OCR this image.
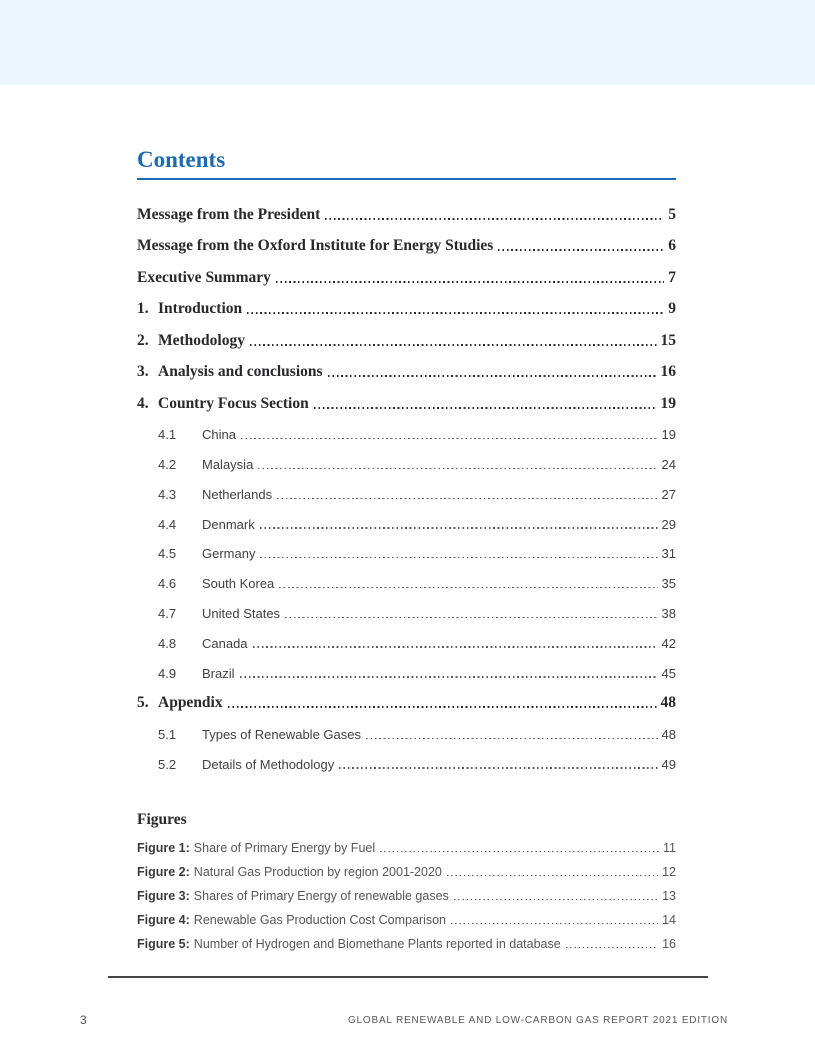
Contents
Message from the President	5
Message from the Oxford Institute for Energy Studies	6
Executive Summary	7
1. Introduction	9
2. Methodology	15
3. Analysis and conclusions	16
4. Country Focus Section	19
4.1	China	19
4.2	Malaysia	24
4.3	Netherlands	27
4.4	Denmark	29
4.5	Germany	31
4.6	South Korea	35
4.7	United States	38
4.8	Canada	42
4.9	Brazil	45
5. Appendix	48
5.1	Types of Renewable Gases	48
5.2	Details of Methodology	49
Figures
Figure 1: Share of Primary Energy by Fuel	11
Figure 2: Natural Gas Production by region 2001-2020	12
Figure 3: Shares of Primary Energy of renewable gases	13
Figure 4: Renewable Gas Production Cost Comparison	14
Figure 5: Number of Hydrogen and Biomethane Plants reported in database	16
3	GLOBAL RENEWABLE AND LOW-CARBON GAS REPORT 2021 EDITION
